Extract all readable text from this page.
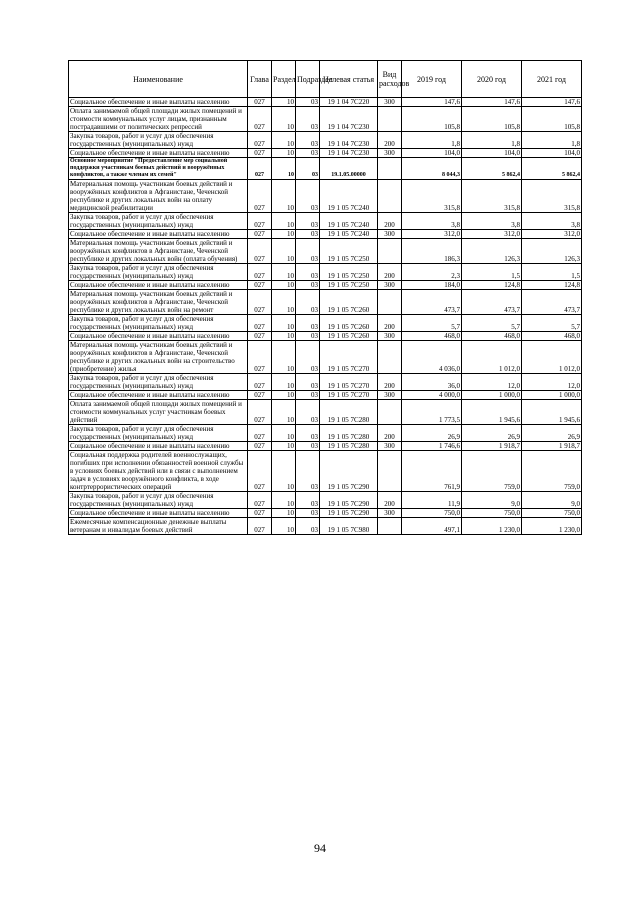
Наименование	Глава	Раздел	Подраздел	Целевая статья	Вид расходов	2019 год	2020 год	2021 год
Социальное обеспечение и иные выплаты населению	027	10	03	19 1 04 7С220	300	147,6	147,6	147,6
Оплата занимаемой общей площади жилых помещений и стоимости коммунальных услуг лицам, признанным пострадавшими от политических репрессий	027	10	03	19 1 04 7С230		105,8	105,8	105,8
Закупка товаров, работ и услуг для обеспечения государственных (муниципальных) нужд	027	10	03	19 1 04 7С230	200	1,8	1,8	1,8
Социальное обеспечение и иные выплаты населению	027	10	03	19 1 04 7С230	300	104,0	104,0	104,0
Основное мероприятие "Предоставление мер социальной поддержки участникам боевых действий и вооружённых конфликтов, а также членам их семей"	027	10	03	19.1.05.00000		8 044,3	5 862,4	5 862,4
Материальная помощь участникам боевых действий и вооружённых конфликтов в Афганистане, Чеченской республике и других локальных войн на оплату медицинской реабилитации	027	10	03	19 1 05 7С240		315,8	315,8	315,8
Закупка товаров, работ и услуг для обеспечения государственных (муниципальных) нужд	027	10	03	19 1 05 7С240	200	3,8	3,8	3,8
Социальное обеспечение и иные выплаты населению	027	10	03	19 1 05 7С240	300	312,0	312,0	312,0
Материальная помощь участникам боевых действий и вооружённых конфликтов в Афганистане, Чеченской республике и других локальных войн (оплата обучения)	027	10	03	19 1 05 7С250		186,3	126,3	126,3
Закупка товаров, работ и услуг для обеспечения государственных (муниципальных) нужд	027	10	03	19 1 05 7С250	200	2,3	1,5	1,5
Социальное обеспечение и иные выплаты населению	027	10	03	19 1 05 7С250	300	184,0	124,8	124,8
Материальная помощь участникам боевых действий и вооружённых конфликтов в Афганистане, Чеченской республике и других локальных войн на ремонт	027	10	03	19 1 05 7С260		473,7	473,7	473,7
Закупка товаров, работ и услуг для обеспечения государственных (муниципальных) нужд	027	10	03	19 1 05 7С260	200	5,7	5,7	5,7
Социальное обеспечение и иные выплаты населению	027	10	03	19 1 05 7С260	300	468,0	468,0	468,0
Материальная помощь участникам боевых действий и вооружённых конфликтов в Афганистане, Чеченской республике и других локальных войн на строительство (приобретение) жилья	027	10	03	19 1 05 7С270		4 036,0	1 012,0	1 012,0
Закупка товаров, работ и услуг для обеспечения государственных (муниципальных) нужд	027	10	03	19 1 05 7С270	200	36,0	12,0	12,0
Социальное обеспечение и иные выплаты населению	027	10	03	19 1 05 7С270	300	4 000,0	1 000,0	1 000,0
Оплата занимаемой общей площади жилых помещений и стоимости коммунальных услуг участникам боевых действий	027	10	03	19 1 05 7С280		1 773,5	1 945,6	1 945,6
Закупка товаров, работ и услуг для обеспечения государственных (муниципальных) нужд	027	10	03	19 1 05 7С280	200	26,9	26,9	26,9
Социальное обеспечение и иные выплаты населению	027	10	03	19 1 05 7С280	300	1 746,6	1 918,7	1 918,7
Социальная поддержка родителей военнослужащих, погибших при исполнении обязанностей военной службы в условиях боевых действий или в связи с выполнением задач в условиях вооружённого конфликта, в ходе контртеррористических операций	027	10	03	19 1 05 7С290		761,9	759,0	759,0
Закупка товаров, работ и услуг для обеспечения государственных (муниципальных) нужд	027	10	03	19 1 05 7С290	200	11,9	9,0	9,0
Социальное обеспечение и иные выплаты населению	027	10	03	19 1 05 7С290	300	750,0	750,0	750,0
Ежемесячные компенсационные денежные выплаты ветеранам и инвалидам боевых действий	027	10	03	19 1 05 7С980		497,1	1 230,0	1 230,0
94
